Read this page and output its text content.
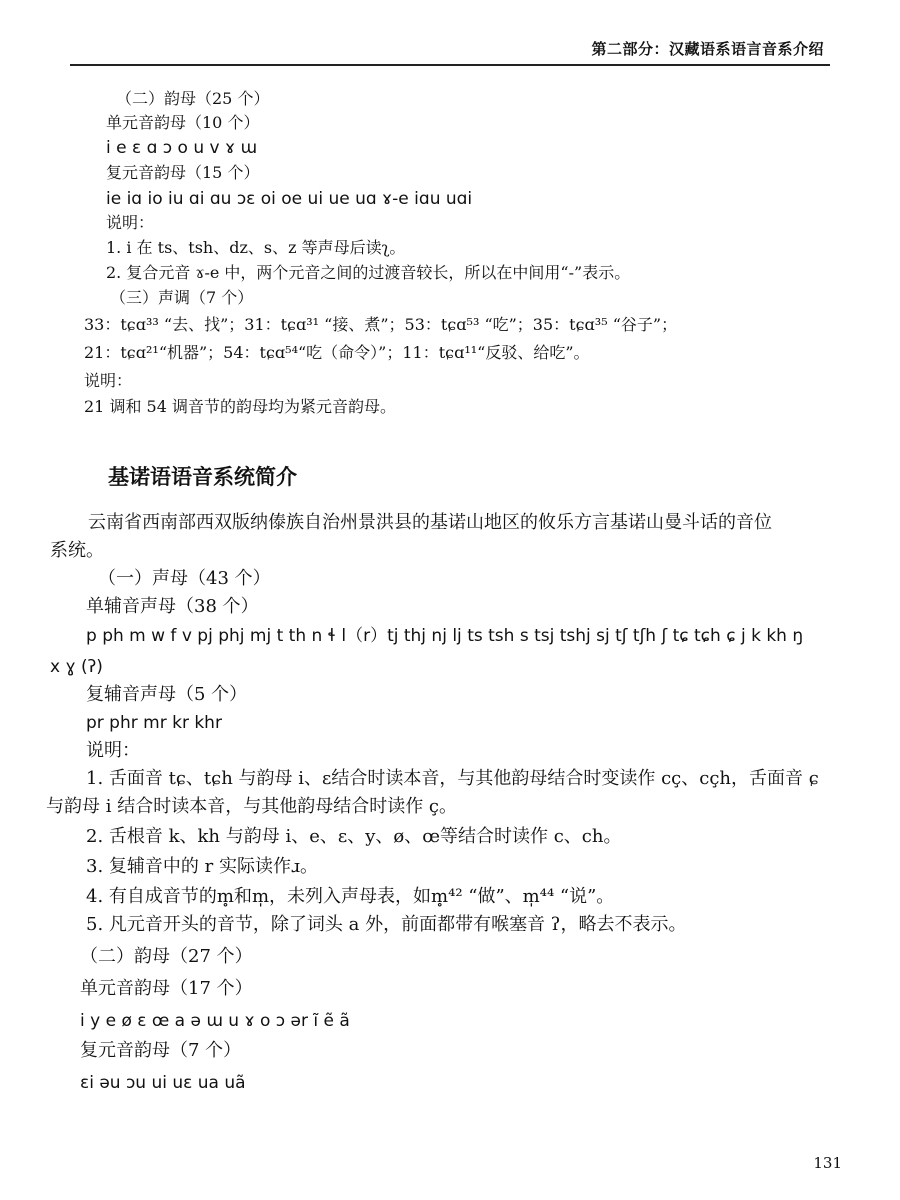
第二部分：汉藏语系语言音系介绍
（二）韵母（25 个）
单元音韵母（10 个）
i e ɛ ɑ ɔ o u v ɤ ɯ
复元音韵母（15 个）
ie iɑ io iu ɑi ɑu ɔɛ oi oe ui ue uɑ ɤ-e iɑu uɑi
说明：
1. i 在 ts、tsh、dz、s、z 等声母后读ʅ。
2. 复合元音 ɤ-e 中，两个元音之间的过渡音较长，所以在中间用“-”表示。
（三）声调（7 个）
33：tɕɑ³³ “去、找”；31：tɕɑ³¹ “接、煮”；53：tɕɑ⁵³ “吃”；35：tɕɑ³⁵ “谷子”；
21：tɕɑ²¹“机器”；54：tɕɑ⁵⁴“吃（命令）”；11：tɕɑ¹¹“反驳、给吃”。
说明：
21 调和 54 调音节的韵母均为紧元音韵母。
基诺语语音系统简介
云南省西南部西双版纳傣族自治州景洪县的基诺山地区的攸乐方言基诺山曼斗话的音位
系统。
（一）声母（43 个）
单辅音声母（38 个）
p ph m w f v pj phj mj t th n ɬ l（r）tj thj nj lj ts tsh s tsj tshj sj tʃ tʃh ʃ tɕ tɕh ɕ j k kh ŋ
x ɣ (ʔ)
复辅音声母（5 个）
pr phr mr kr khr
说明：
1. 舌面音 tɕ、tɕh 与韵母 i、ɛ结合时读本音，与其他韵母结合时变读作 cç、cçh，舌面音 ɕ
与韵母 i 结合时读本音，与其他韵母结合时读作 ç。
2. 舌根音 k、kh 与韵母 i、e、ɛ、y、ø、œ等结合时读作 c、ch。
3. 复辅音中的 r 实际读作ɹ。
4. 有自成音节的m̥和m̩，未列入声母表，如m̥⁴² “做”、m̩⁴⁴ “说”。
5. 凡元音开头的音节，除了词头 a 外，前面都带有喉塞音 ʔ，略去不表示。
（二）韵母（27 个）
单元音韵母（17 个）
i y e ø ɛ œ a ə ɯ u ɤ o ɔ ər ĩ ẽ ã
复元音韵母（7 个）
ɛi əu ɔu ui uɛ ua uã
131
